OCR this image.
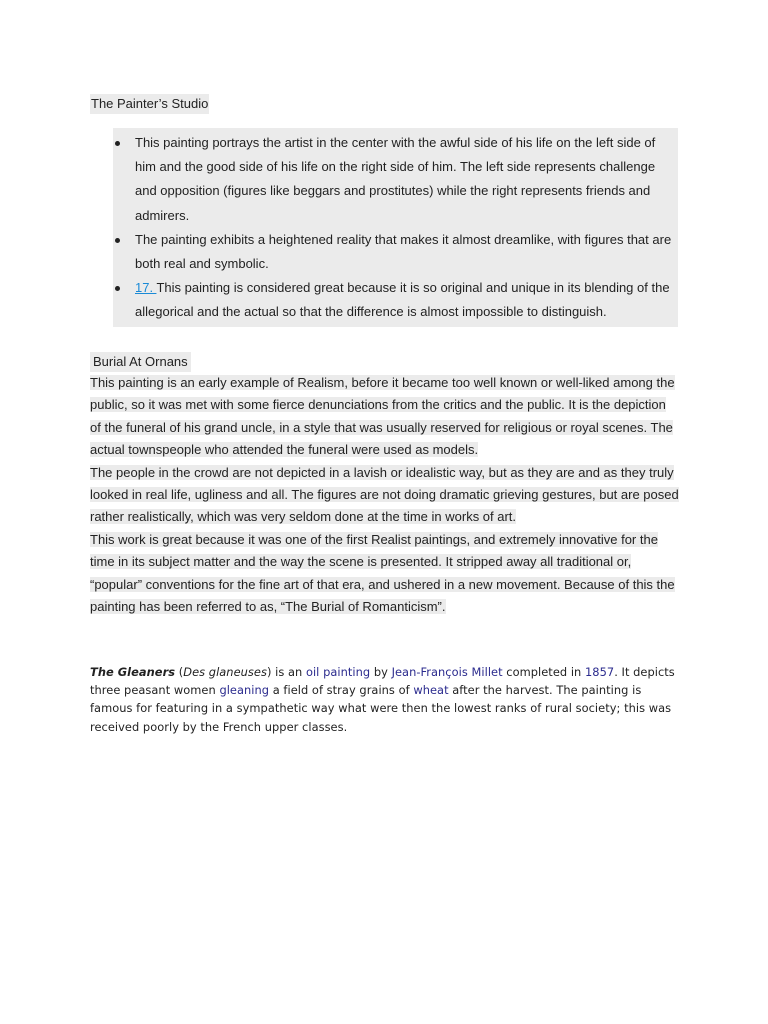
The Painter’s Studio
This painting portrays the artist in the center with the awful side of his life on the left side of him and the good side of his life on the right side of him. The left side represents challenge and opposition (figures like beggars and prostitutes) while the right represents friends and admirers.
The painting exhibits a heightened reality that makes it almost dreamlike, with figures that are both real and symbolic.
17. This painting is considered great because it is so original and unique in its blending of the allegorical and the actual so that the difference is almost impossible to distinguish.
Burial At Ornans

This painting is an early example of Realism, before it became too well known or well-liked among the public, so it was met with some fierce denunciations from the critics and the public. It is the depiction of the funeral of his grand uncle, in a style that was usually reserved for religious or royal scenes. The actual townspeople who attended the funeral were used as models.

The people in the crowd are not depicted in a lavish or idealistic way, but as they are and as they truly looked in real life, ugliness and all. The figures are not doing dramatic grieving gestures, but are posed rather realistically, which was very seldom done at the time in works of art.

This work is great because it was one of the first Realist paintings, and extremely innovative for the time in its subject matter and the way the scene is presented. It stripped away all traditional or, “popular” conventions for the fine art of that era, and ushered in a new movement. Because of this the painting has been referred to as, “The Burial of Romanticism”.

The Gleaners (Des glaneuses) is an oil painting by Jean-François Millet completed in 1857. It depicts three peasant women gleaning a field of stray grains of wheat after the harvest. The painting is famous for featuring in a sympathetic way what were then the lowest ranks of rural society; this was received poorly by the French upper classes.
